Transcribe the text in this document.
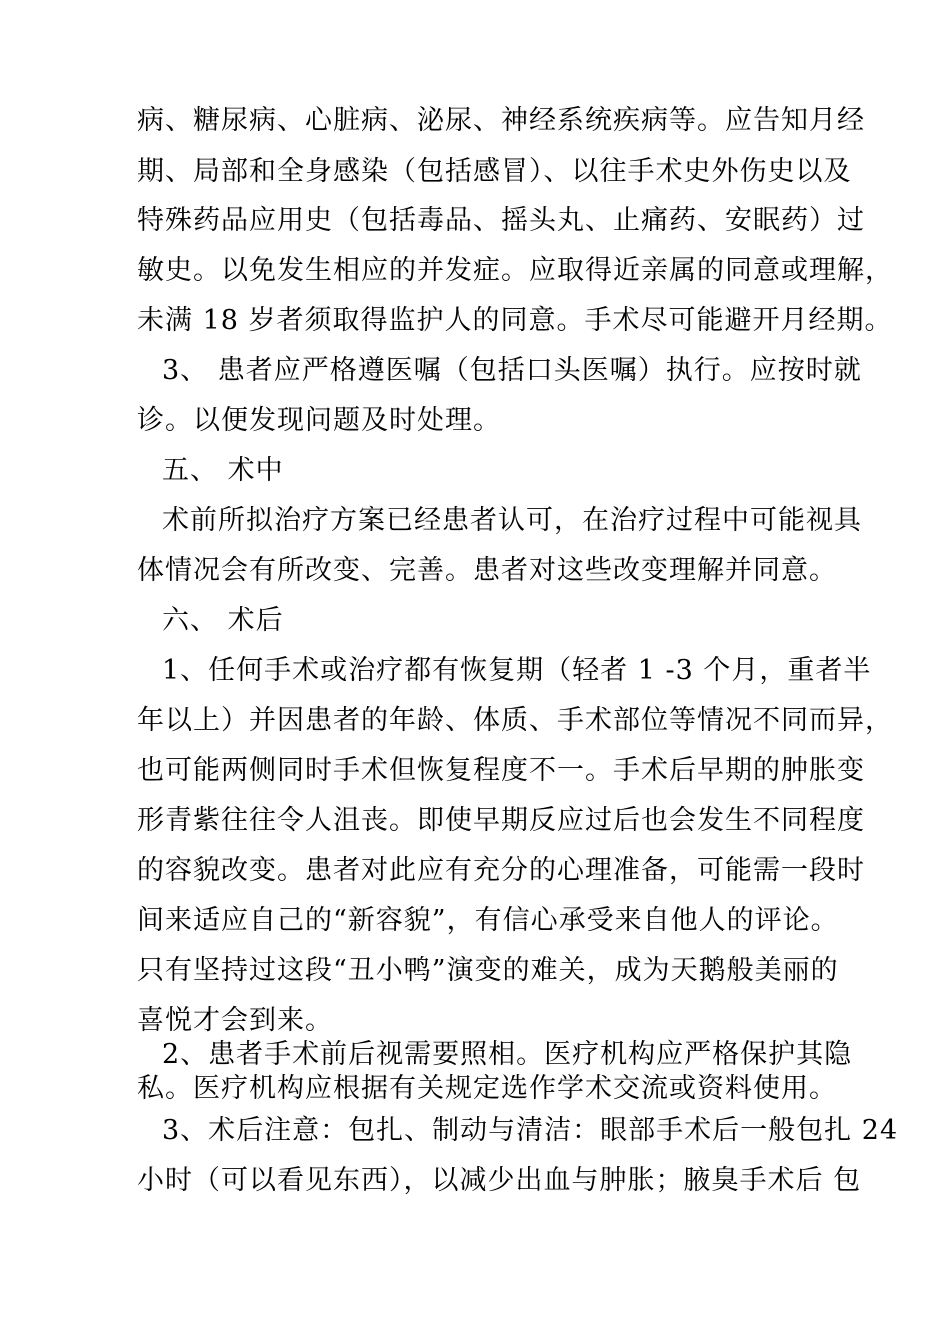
病、糖尿病、心脏病、泌尿、神经系统疾病等。应告知月经
期、局部和全身感染（包括感冒）、以往手术史外伤史以及
特殊药品应用史（包括毒品、摇头丸、止痛药、安眠药）过
敏史。以免发生相应的并发症。应取得近亲属的同意或理解，
未满 18 岁者须取得监护人的同意。手术尽可能避开月经期。
3、 患者应严格遵医嘱（包括口头医嘱）执行。应按时就
诊。以便发现问题及时处理。
五、 术中
术前所拟治疗方案已经患者认可，在治疗过程中可能视具
体情况会有所改变、完善。患者对这些改变理解并同意。
六、 术后
1、任何手术或治疗都有恢复期（轻者 1 -3 个月，重者半
年以上）并因患者的年龄、体质、手术部位等情况不同而异，
也可能两侧同时手术但恢复程度不一。手术后早期的肿胀变
形青紫往往令人沮丧。即使早期反应过后也会发生不同程度
的容貌改变。患者对此应有充分的心理准备，可能需一段时
间来适应自己的“新容貌”，有信心承受来自他人的评论。
只有坚持过这段“丑小鸭”演变的难关，成为天鹅般美丽的
喜悦才会到来。
2、患者手术前后视需要照相。医疗机构应严格保护其隐
私。医疗机构应根据有关规定选作学术交流或资料使用。
3、术后注意：包扎、制动与清洁：眼部手术后一般包扎 24
小时（可以看见东西），以减少出血与肿胀；腋臭手术后 包
